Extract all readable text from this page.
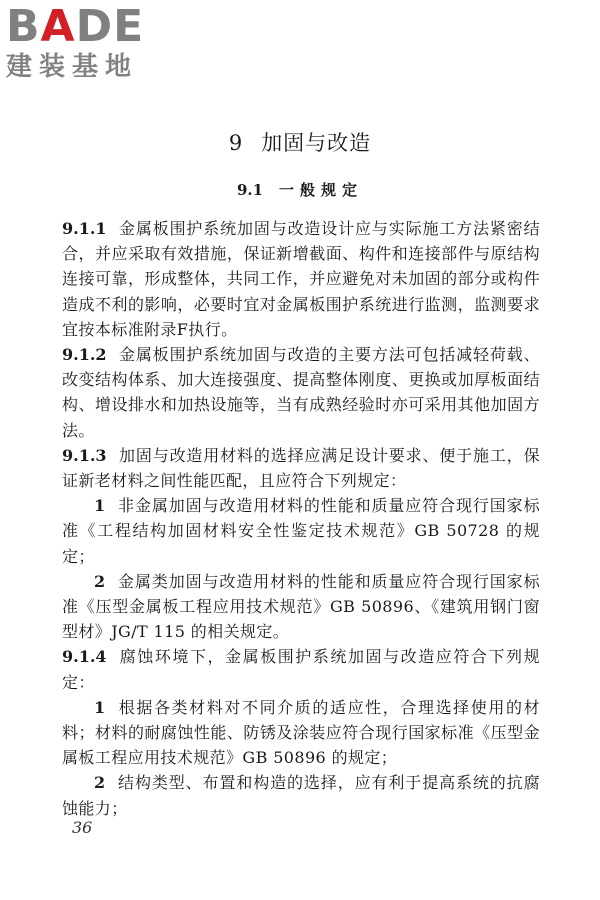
BADE
建装基地
9 加固与改造
9.1 一般规定

9.1.1 金属板围护系统加固与改造设计应与实际施工方法紧密结合，并应采取有效措施，保证新增截面、构件和连接部件与原结构连接可靠，形成整体，共同工作，并应避免对未加固的部分或构件造成不利的影响，必要时宜对金属板围护系统进行监测，监测要求宜按本标准附录F执行。

9.1.2 金属板围护系统加固与改造的主要方法可包括减轻荷载、改变结构体系、加大连接强度、提高整体刚度、更换或加厚板面结构、增设排水和加热设施等，当有成熟经验时亦可采用其他加固方法。

9.1.3 加固与改造用材料的选择应满足设计要求、便于施工，保证新老材料之间性能匹配，且应符合下列规定：

1 非金属加固与改造用材料的性能和质量应符合现行国家标准《工程结构加固材料安全性鉴定技术规范》GB 50728 的规定；

2 金属类加固与改造用材料的性能和质量应符合现行国家标准《压型金属板工程应用技术规范》GB 50896、《建筑用钢门窗型材》JG/T 115 的相关规定。

9.1.4 腐蚀环境下，金属板围护系统加固与改造应符合下列规定：

1 根据各类材料对不同介质的适应性，合理选择使用的材料；材料的耐腐蚀性能、防锈及涂装应符合现行国家标准《压型金属板工程应用技术规范》GB 50896 的规定；

2 结构类型、布置和构造的选择，应有利于提高系统的抗腐蚀能力；

36
